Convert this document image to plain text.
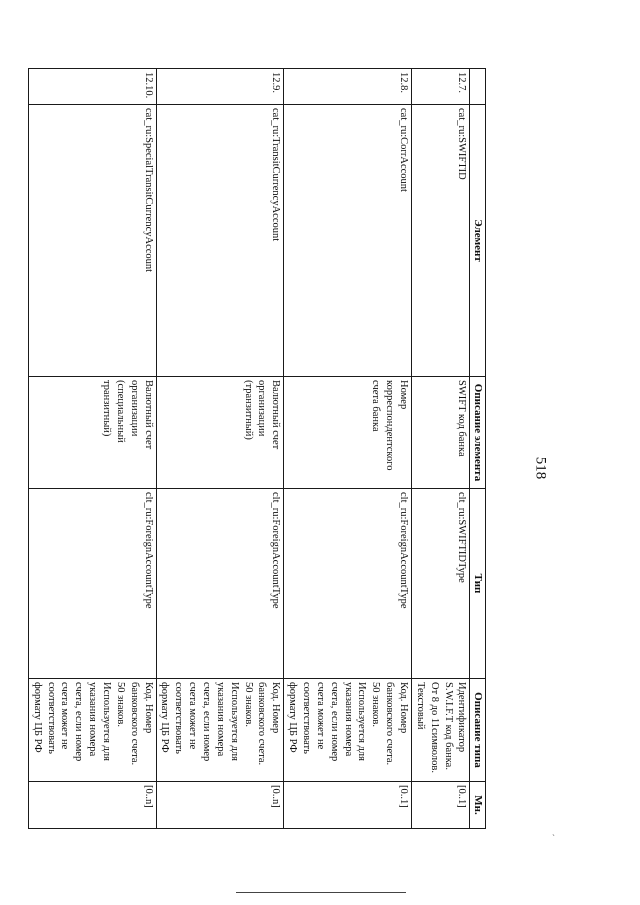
518
	Элемент	Описание элемента	Тип	Описание типа	Мн.
12.7.	cat_ru:SWIFTID	SWIFT код банка	clt_ru:SWIFTIDType	Идентификатор S.W.I.F.T код банка. От 8 до 11символов. Текстовый	[0..1]
12.8.	cat_ru:CorrAccount	Номер корреспондентского счета банка	clt_ru:ForeignAccountType	Код. Номер банковского счета. 50 знаков. Используется для указания номера счета, если номер счета может не соответствовать формату ЦБ РФ	[0..1]
12.9.	cat_ru:TransitCurrencyAccount	Валютный счет организации (транзитный)	clt_ru:ForeignAccountType	Код. Номер банковского счета. 50 знаков. Используется для указания номера счета, если номер счета может не соответствовать формату ЦБ РФ	[0..n]
12.10.	cat_ru:SpecialTransitCurrencyAccount	Валютный счет организации (специальный транзитный)	clt_ru:ForeignAccountType	Код. Номер банковского счета. 50 знаков. Используется для указания номера счета, если номер счета может не соответствовать формату ЦБ РФ	[0..n]
ˎ
